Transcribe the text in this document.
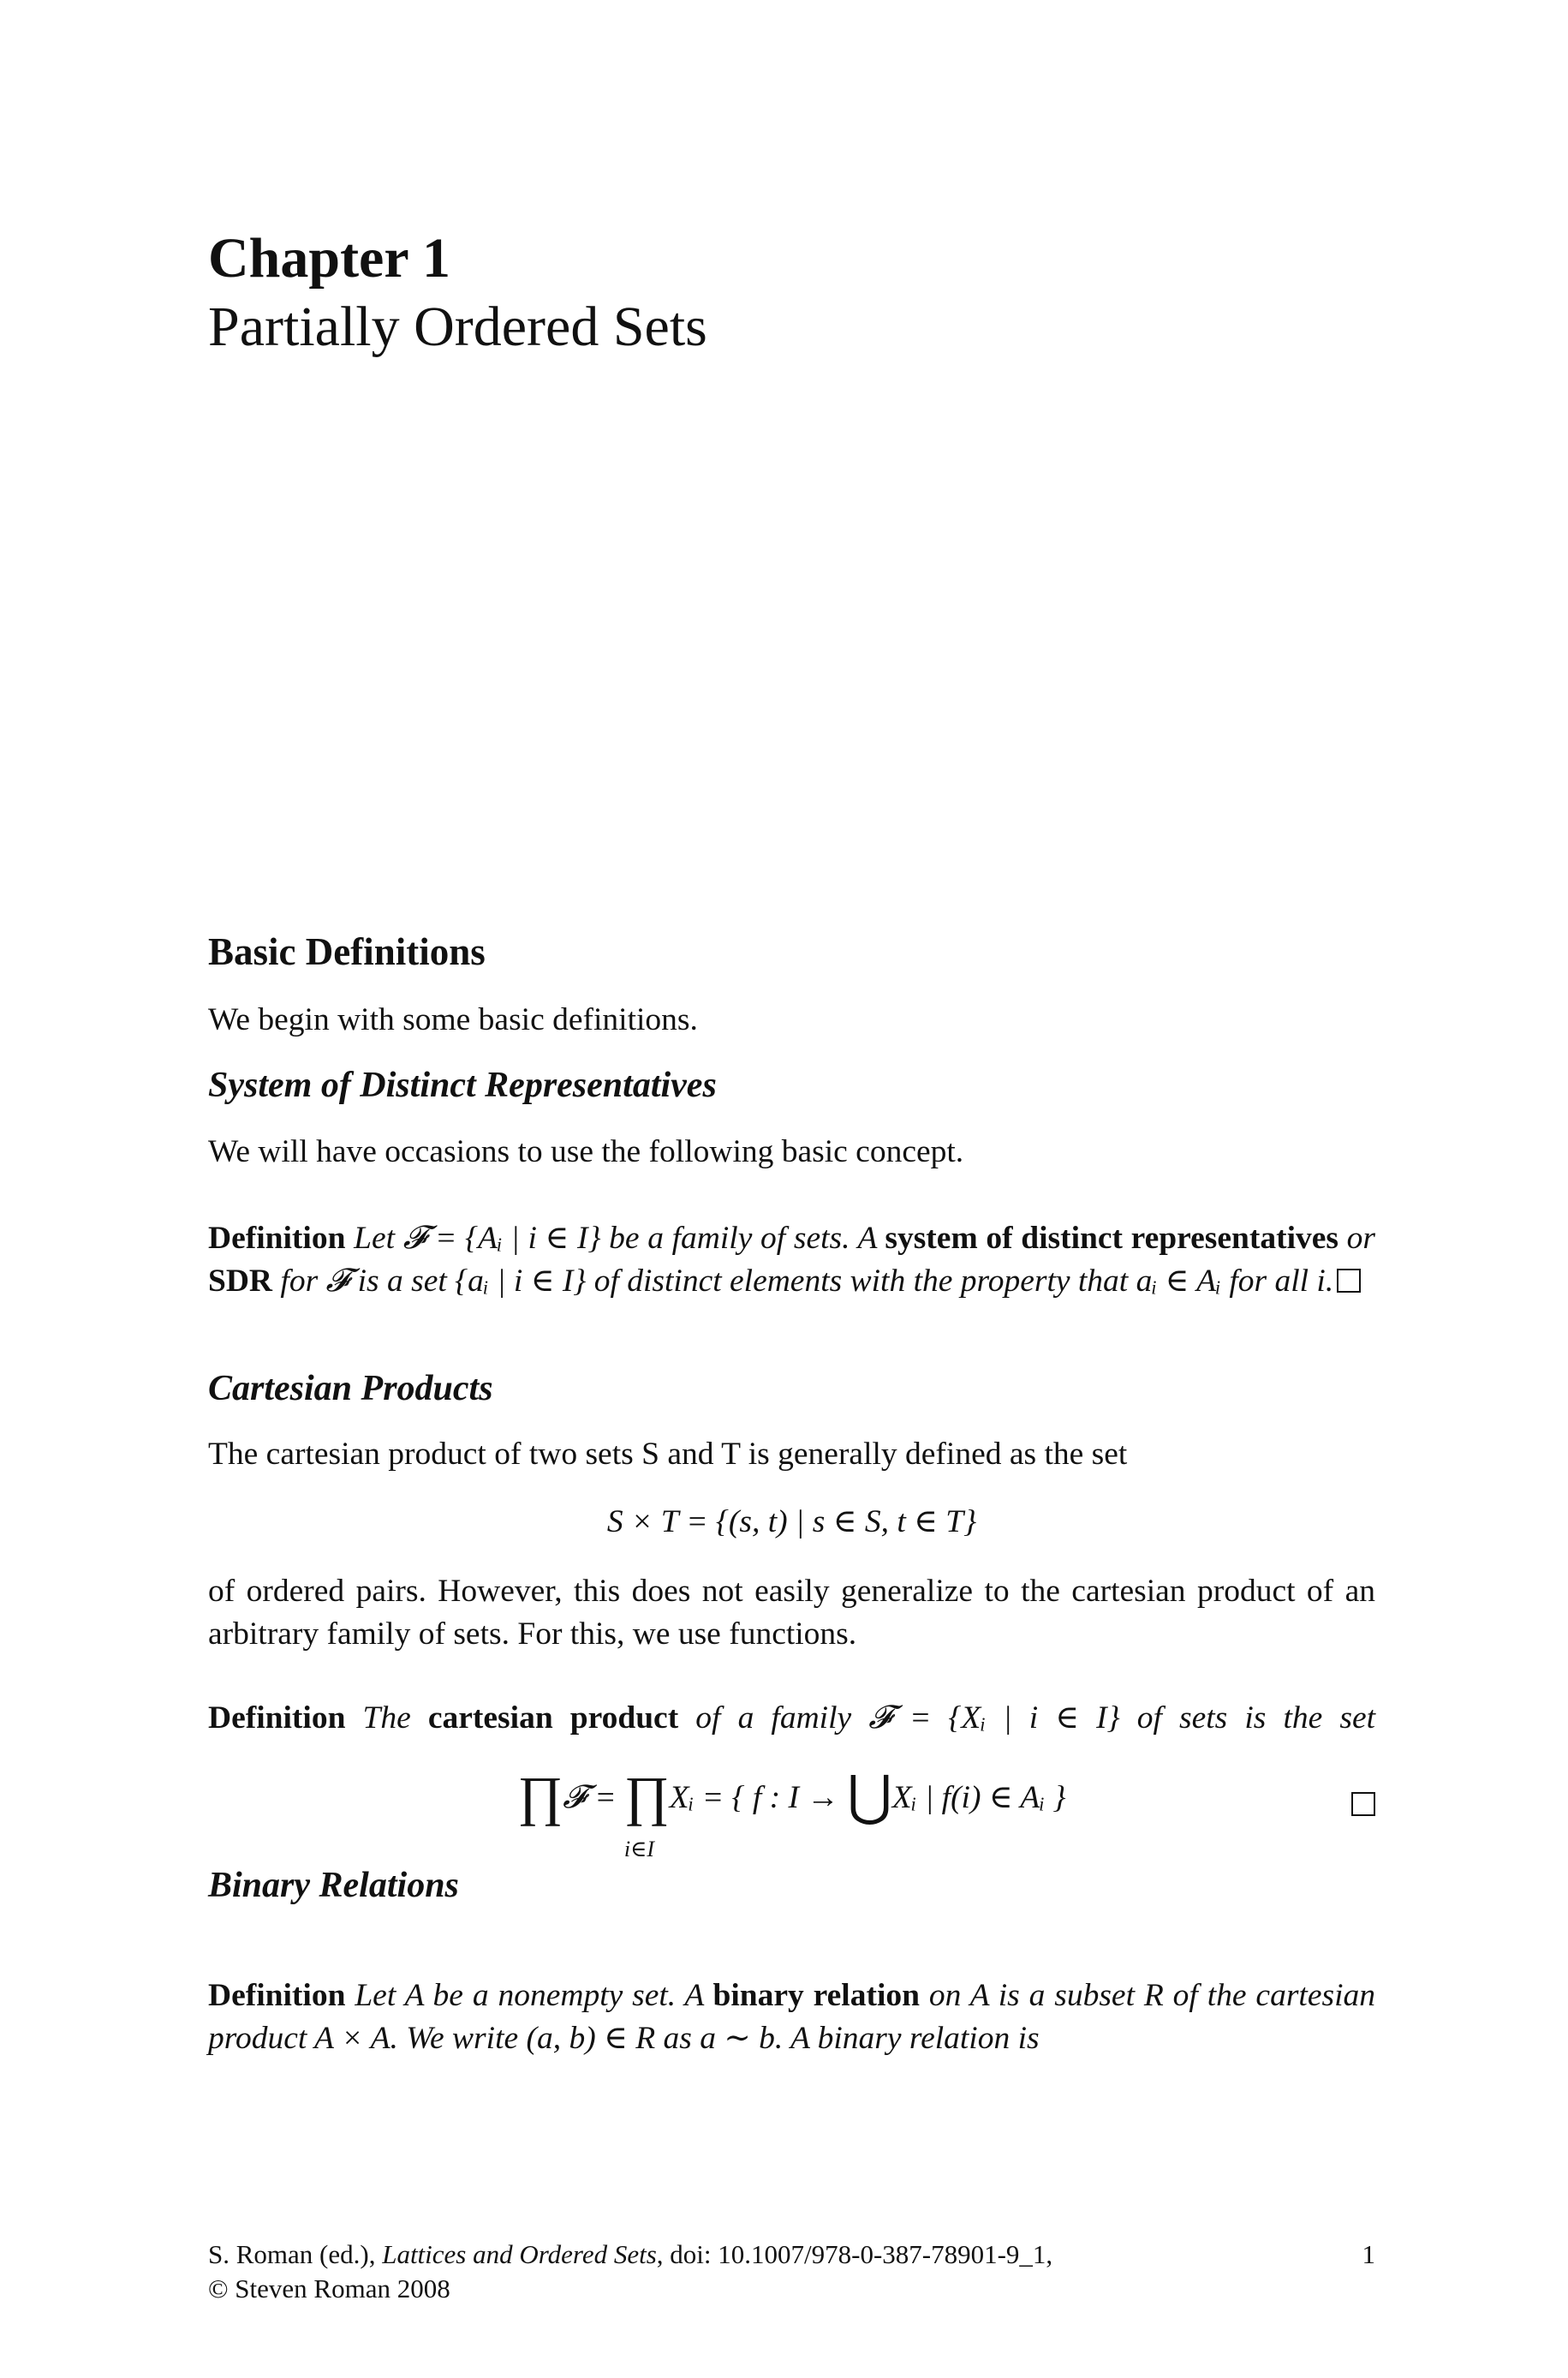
Chapter 1
Partially Ordered Sets
Basic Definitions
We begin with some basic definitions.
System of Distinct Representatives
We will have occasions to use the following basic concept.
Definition Let 𝓕 = {Aᵢ | i ∈ I} be a family of sets. A system of distinct representatives or SDR for 𝓕 is a set {aᵢ | i ∈ I} of distinct elements with the property that aᵢ ∈ Aᵢ for all i.
Cartesian Products
The cartesian product of two sets S and T is generally defined as the set
S × T = {(s, t) | s ∈ S, t ∈ T}
of ordered pairs. However, this does not easily generalize to the cartesian product of an arbitrary family of sets. For this, we use functions.
Definition The cartesian product of a family 𝓕 = {Xᵢ | i ∈ I} of sets is the set
∏𝓕 = ∏
i∈I
Xᵢ = { f : I → ⋃Xᵢ | f(i) ∈ Aᵢ }
Binary Relations
Definition Let A be a nonempty set. A binary relation on A is a subset R of the cartesian product A × A. We write (a, b) ∈ R as a ∼ b. A binary relation is
S. Roman (ed.), Lattices and Ordered Sets, doi: 10.1007/978-0-387-78901-9_1,	1
© Steven Roman 2008
